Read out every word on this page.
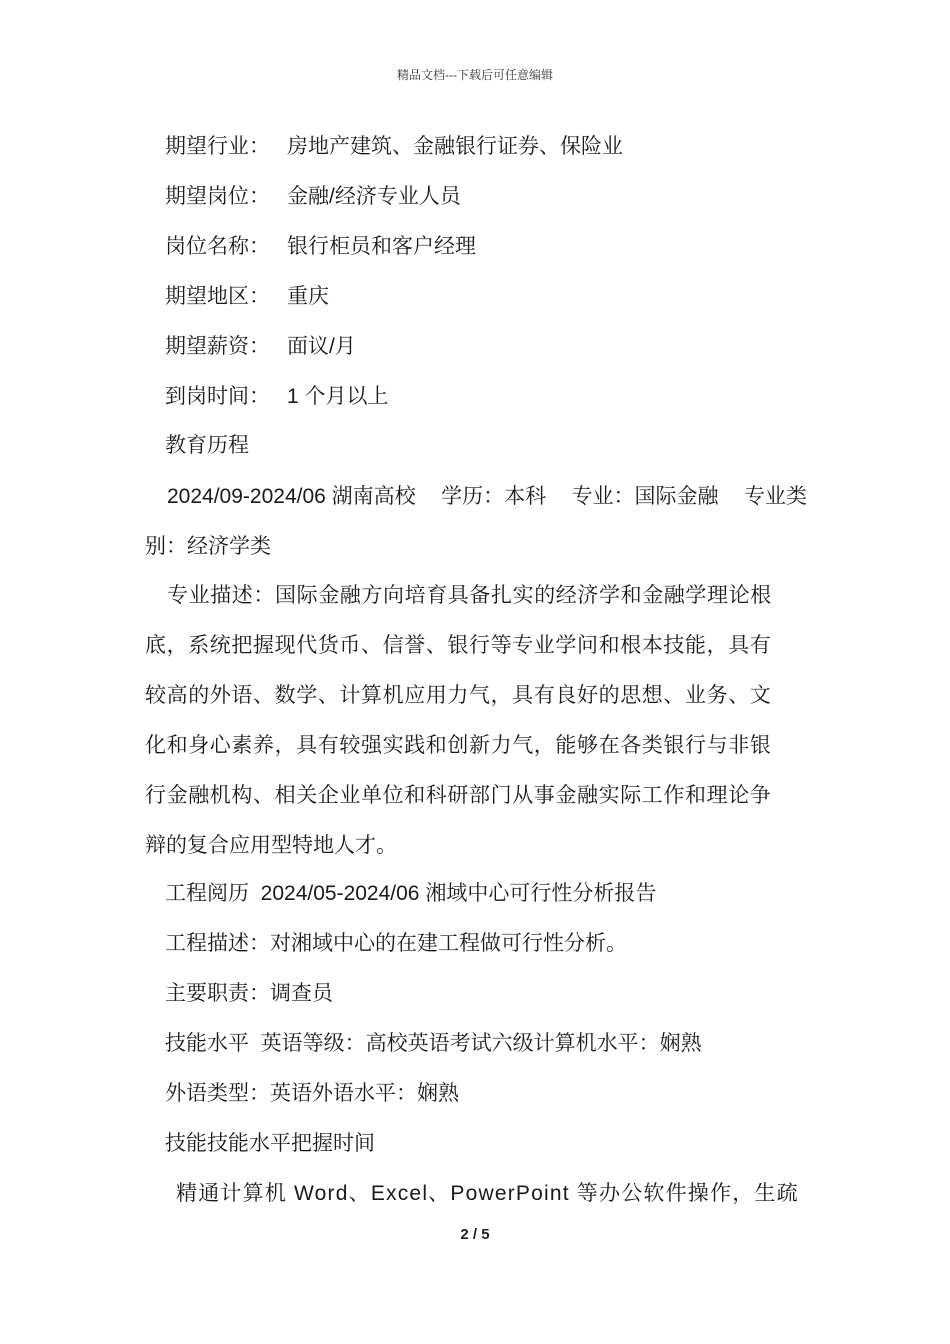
精品文档---下载后可任意编辑
期望行业： 房地产建筑、金融银行证券、保险业
期望岗位： 金融/经济专业人员
岗位名称： 银行柜员和客户经理
期望地区： 重庆
期望薪资： 面议/月
到岗时间： 1 个月以上
教育历程
2024/09-2024/06 湖南高校 学历：本科 专业：国际金融 专业类
别：经济学类
专业描述：国际金融方向培育具备扎实的经济学和金融学理论根
底，系统把握现代货币、信誉、银行等专业学问和根本技能，具有
较高的外语、数学、计算机应用力气，具有良好的思想、业务、文
化和身心素养，具有较强实践和创新力气，能够在各类银行与非银
行金融机构、相关企业单位和科研部门从事金融实际工作和理论争
辩的复合应用型特地人才。
工程阅历  2024/05-2024/06 湘域中心可行性分析报告
工程描述：对湘域中心的在建工程做可行性分析。
主要职责：调查员
技能水平  英语等级：高校英语考试六级计算机水平：娴熟
外语类型：英语外语水平：娴熟
技能技能水平把握时间
精通计算机 Word、Excel、PowerPoint 等办公软件操作，生疏
2 / 5
